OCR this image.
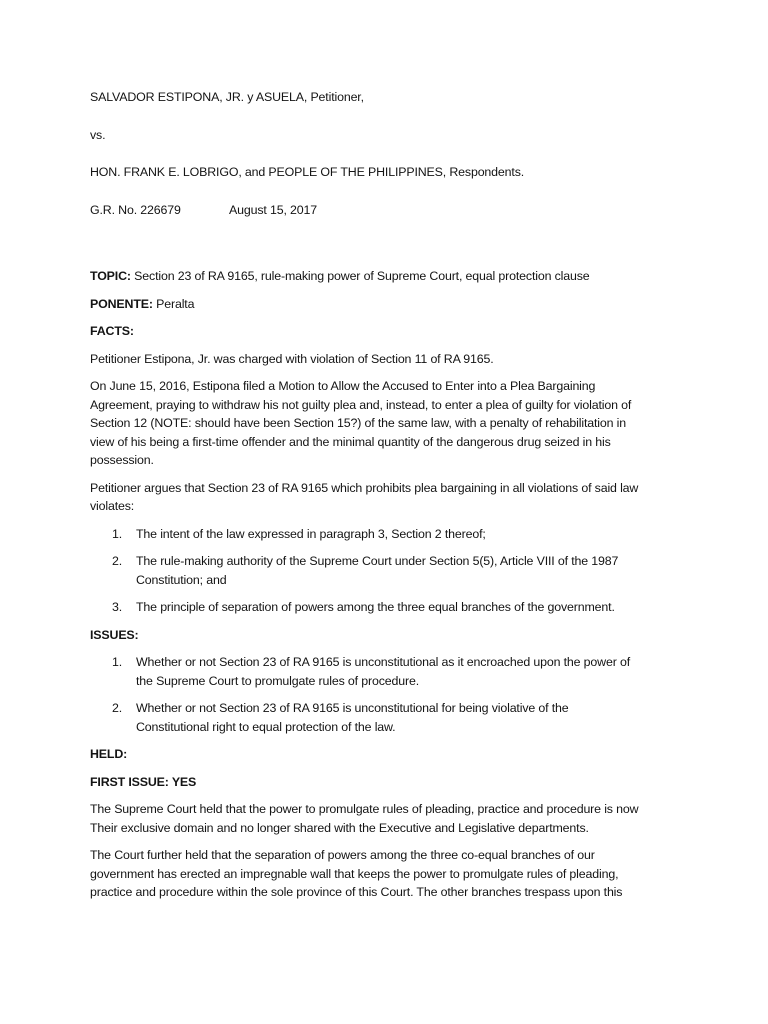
SALVADOR ESTIPONA, JR. y ASUELA, Petitioner,

vs.

HON. FRANK E. LOBRIGO, and PEOPLE OF THE PHILIPPINES, Respondents.

G.R. No. 226679	August 15, 2017

TOPIC: Section 23 of RA 9165, rule-making power of Supreme Court, equal protection clause

PONENTE: Peralta

FACTS:

Petitioner Estipona, Jr. was charged with violation of Section 11 of RA 9165.

On June 15, 2016, Estipona filed a Motion to Allow the Accused to Enter into a Plea Bargaining
Agreement, praying to withdraw his not guilty plea and, instead, to enter a plea of guilty for violation of
Section 12 (NOTE: should have been Section 15?) of the same law, with a penalty of rehabilitation in
view of his being a first-time offender and the minimal quantity of the dangerous drug seized in his
possession.
Petitioner argues that Section 23 of RA 9165 which prohibits plea bargaining in all violations of said law
violates:
1.	The intent of the law expressed in paragraph 3, Section 2 thereof;
2.	The rule-making authority of the Supreme Court under Section 5(5), Article VIII of the 1987
Constitution; and
3.	The principle of separation of powers among the three equal branches of the government.

ISSUES:

1.	Whether or not Section 23 of RA 9165 is unconstitutional as it encroached upon the power of
the Supreme Court to promulgate rules of procedure.
2.	Whether or not Section 23 of RA 9165 is unconstitutional for being violative of the
Constitutional right to equal protection of the law.

HELD:

FIRST ISSUE: YES

The Supreme Court held that the power to promulgate rules of pleading, practice and procedure is now
Their exclusive domain and no longer shared with the Executive and Legislative departments.
The Court further held that the separation of powers among the three co-equal branches of our
government has erected an impregnable wall that keeps the power to promulgate rules of pleading,
practice and procedure within the sole province of this Court. The other branches trespass upon this
